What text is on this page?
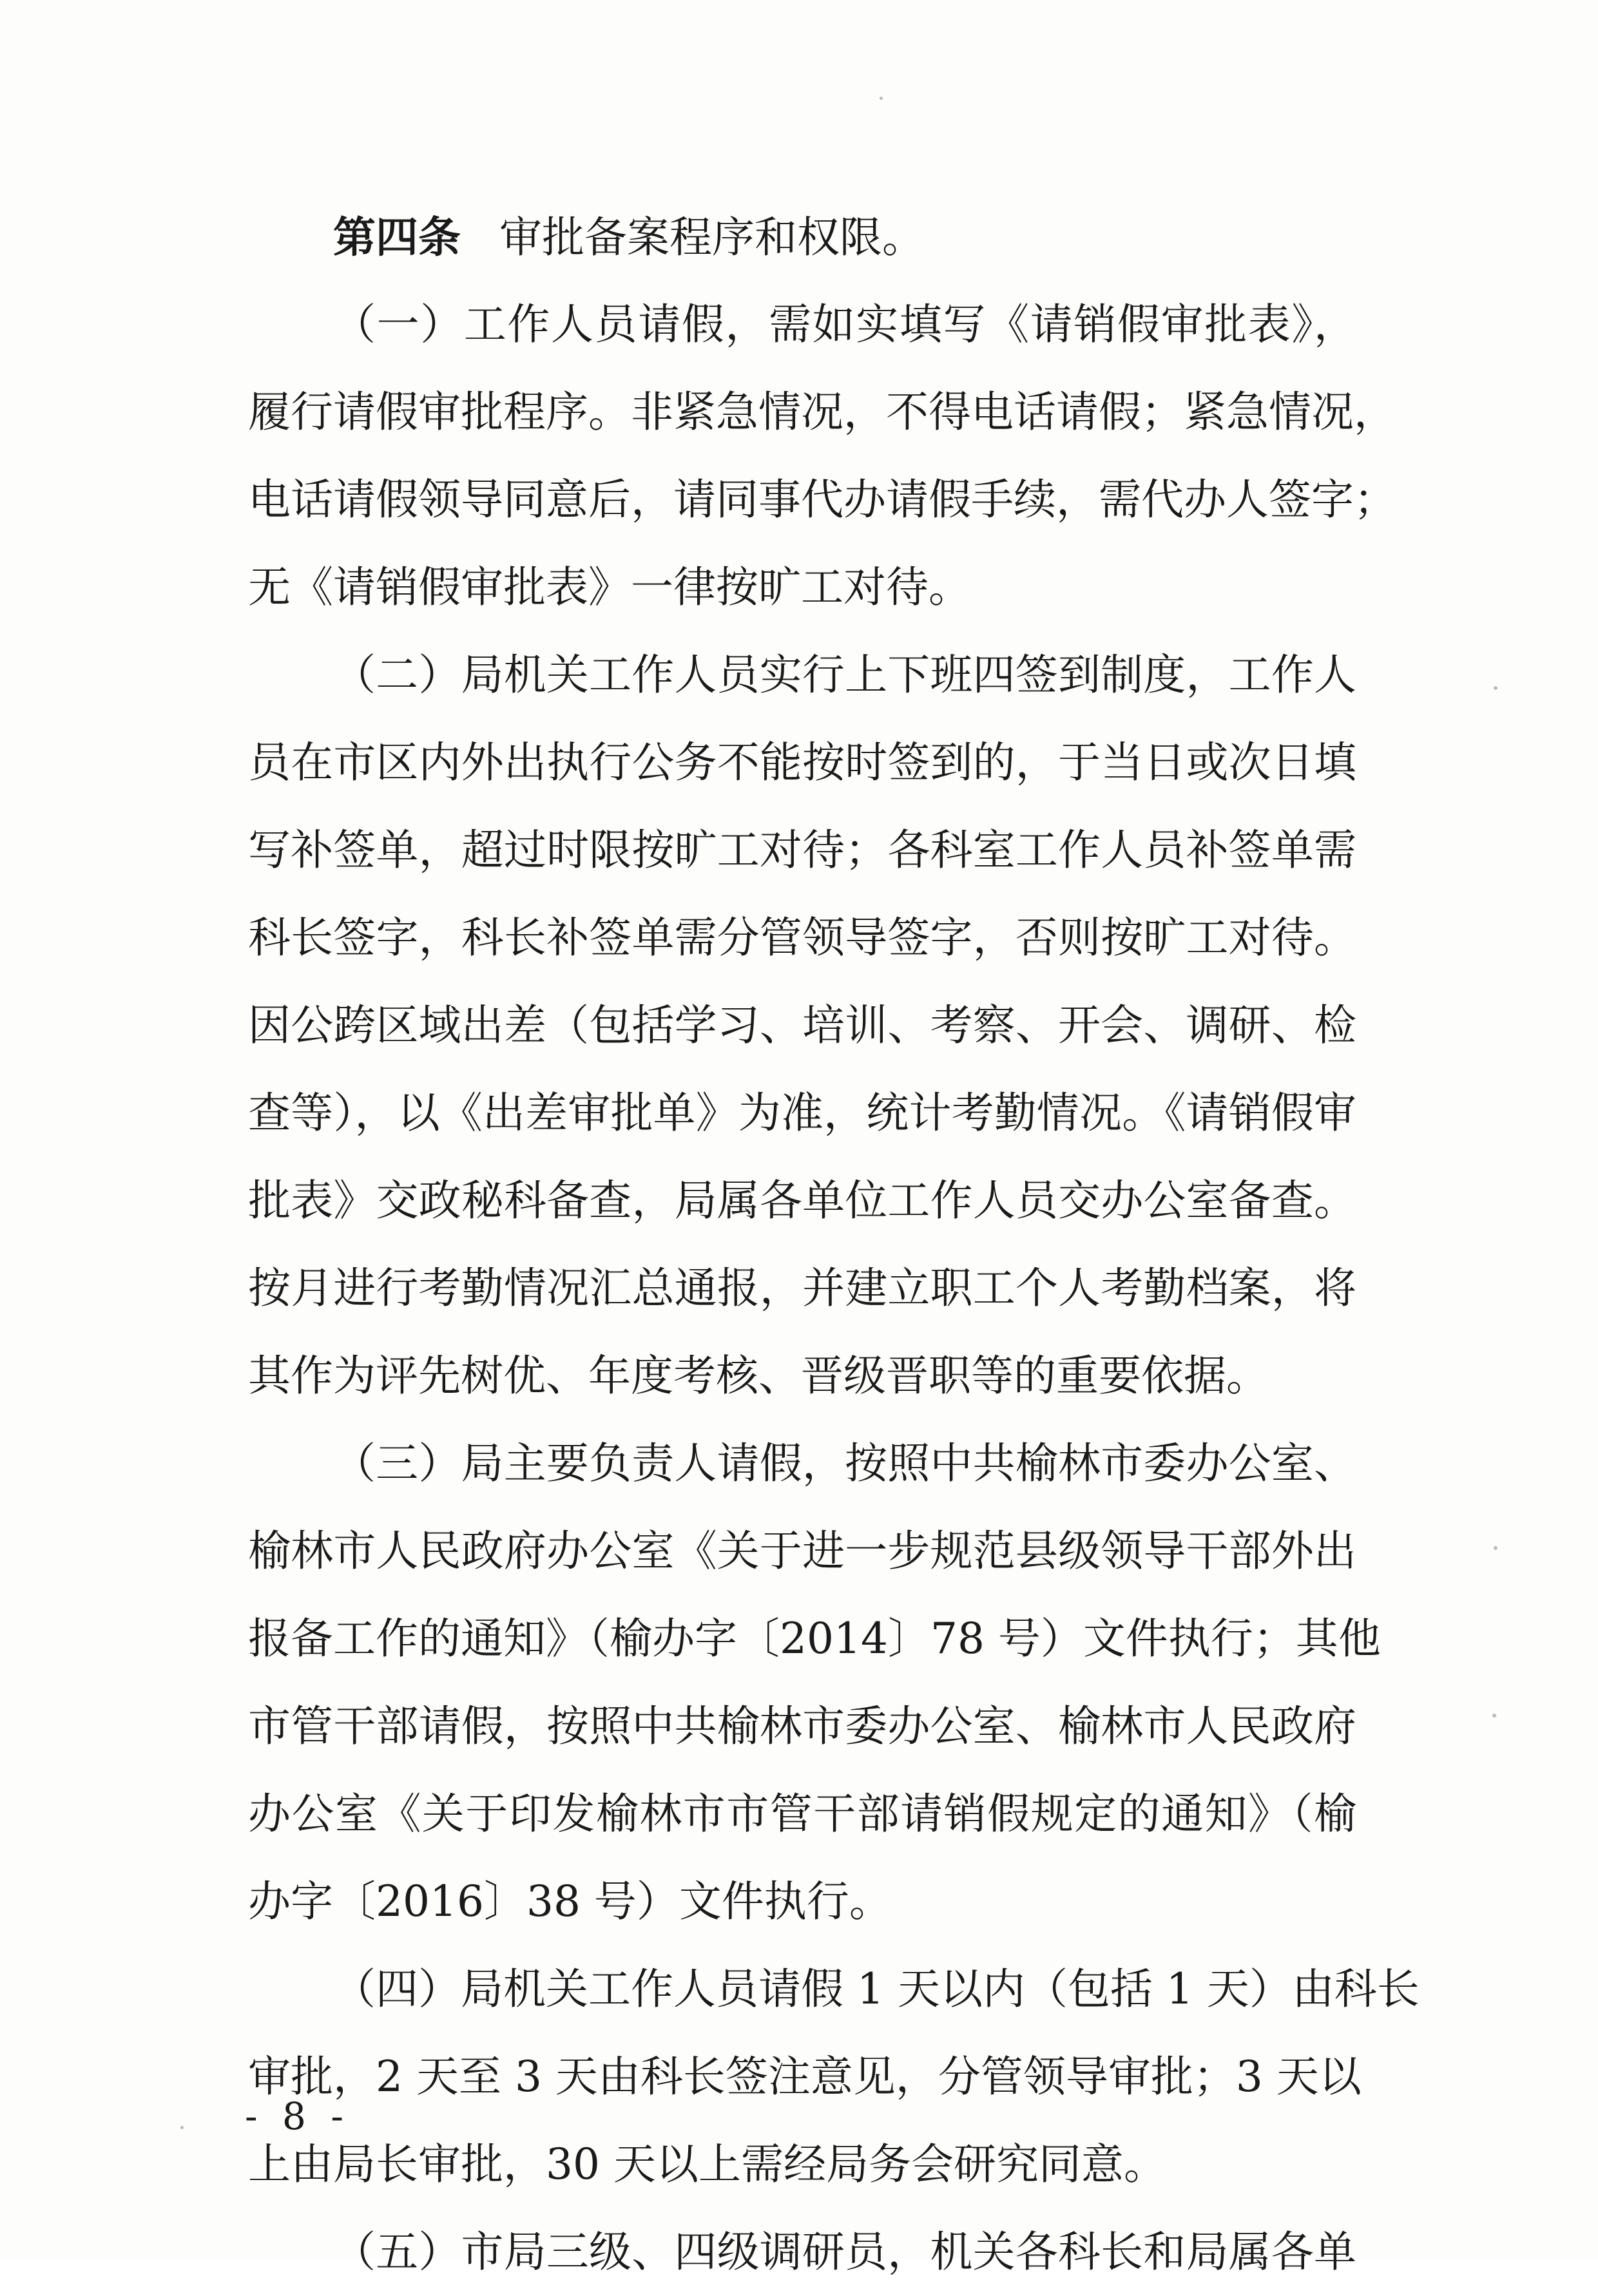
第四条 审批备案程序和权限。
（一）工作人员请假，需如实填写《请销假审批表》，
履行请假审批程序。非紧急情况，不得电话请假；紧急情况，
电话请假领导同意后，请同事代办请假手续，需代办人签字；
无《请销假审批表》一律按旷工对待。
（二）局机关工作人员实行上下班四签到制度，工作人
员在市区内外出执行公务不能按时签到的，于当日或次日填
写补签单，超过时限按旷工对待；各科室工作人员补签单需
科长签字，科长补签单需分管领导签字，否则按旷工对待。
因公跨区域出差（包括学习、培训、考察、开会、调研、检
查等），以《出差审批单》为准，统计考勤情况。《请销假审
批表》交政秘科备查，局属各单位工作人员交办公室备查。
按月进行考勤情况汇总通报，并建立职工个人考勤档案，将
其作为评先树优、年度考核、晋级晋职等的重要依据。
（三）局主要负责人请假，按照中共榆林市委办公室、
榆林市人民政府办公室《关于进一步规范县级领导干部外出
报备工作的通知》（榆办字〔2014〕78 号）文件执行；其他
市管干部请假，按照中共榆林市委办公室、榆林市人民政府
办公室《关于印发榆林市市管干部请销假规定的通知》（榆
办字〔2016〕38 号）文件执行。
（四）局机关工作人员请假 1 天以内（包括 1 天）由科长
审批，2 天至 3 天由科长签注意见，分管领导审批；3 天以
上由局长审批，30 天以上需经局务会研究同意。
（五）市局三级、四级调研员，机关各科长和局属各单
- 8 -
